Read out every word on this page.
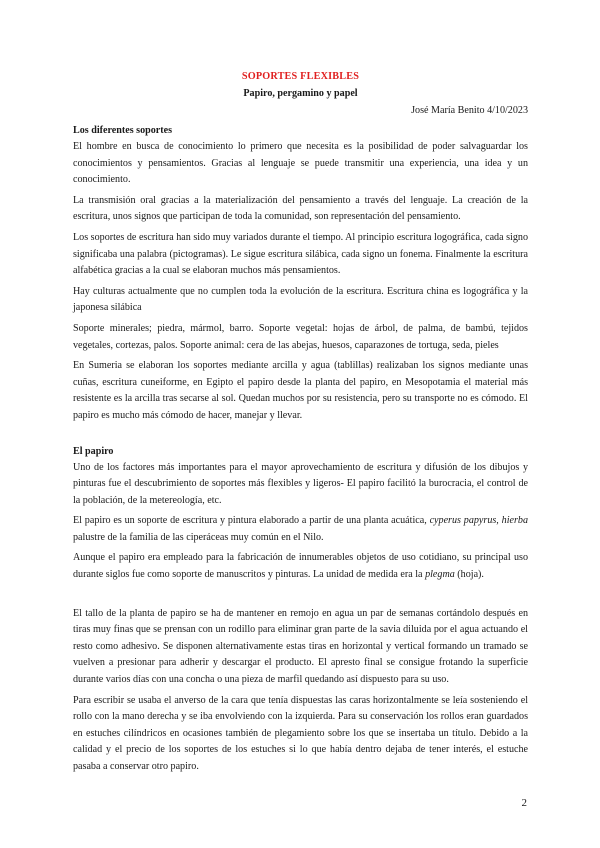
SOPORTES FLEXIBLES

Papiro, pergamino y papel

José María Benito 4/10/2023

Los diferentes soportes

El hombre en busca de conocimiento lo primero que necesita es la posibilidad de poder salvaguardar los conocimientos y pensamientos. Gracias al lenguaje se puede transmitir una experiencia, una idea y un conocimiento.

La transmisión oral gracias a la materialización del pensamiento a través del lenguaje. La creación de la escritura, unos signos que participan de toda la comunidad, son representación del pensamiento.

Los soportes de escritura han sido muy variados durante el tiempo. Al principio escritura logográfica, cada signo significaba una palabra (pictogramas). Le sigue escritura silábica, cada signo un fonema. Finalmente la escritura alfabética gracias a la cual se elaboran muchos más pensamientos.

Hay culturas actualmente que no cumplen toda la evolución de la escritura. Escritura china es logográfica y la japonesa silábica

Soporte minerales; piedra, mármol, barro. Soporte vegetal: hojas de árbol, de palma, de bambú, tejidos vegetales, cortezas, palos. Soporte animal: cera de las abejas, huesos, caparazones de tortuga, seda, pieles

En Sumeria se elaboran los soportes mediante arcilla y agua (tablillas) realizaban los signos mediante unas cuñas, escritura cuneiforme, en Egipto el papiro desde la planta del papiro, en Mesopotamia el material más resistente es la arcilla tras secarse al sol. Quedan muchos por su resistencia, pero su transporte no es cómodo. El papiro es mucho más cómodo de hacer, manejar y llevar.

El papiro

Uno de los factores más importantes para el mayor aprovechamiento de escritura y difusión de los dibujos y pinturas fue el descubrimiento de soportes más flexibles y ligeros- El papiro facilitó la burocracia, el control de la población, de la metereología, etc.

El papiro es un soporte de escritura y pintura elaborado a partir de una planta acuática, cyperus papyrus, hierba palustre de la familia de las ciperáceas muy común en el Nilo.

Aunque el papiro era empleado para la fabricación de innumerables objetos de uso cotidiano, su principal uso durante siglos fue como soporte de manuscritos y pinturas. La unidad de medida era la plegma (hoja).

El tallo de la planta de papiro se ha de mantener en remojo en agua un par de semanas cortándolo después en tiras muy finas que se prensan con un rodillo para eliminar gran parte de la savia diluida por el agua actuando el resto como adhesivo. Se disponen alternativamente estas tiras en horizontal y vertical formando un tramado se vuelven a presionar para adherir y descargar el producto. El apresto final se consigue frotando la superficie durante varios días con una concha o una pieza de marfil quedando así dispuesto para su uso.

Para escribir se usaba el anverso de la cara que tenía dispuestas las caras horizontalmente se leía sosteniendo el rollo con la mano derecha y se iba envolviendo con la izquierda. Para su conservación los rollos eran guardados en estuches cilíndricos en ocasiones también de plegamiento sobre los que se insertaba un título. Debido a la calidad y el precio de los soportes de los estuches si lo que había dentro dejaba de tener interés, el estuche pasaba a conservar otro papiro.

2
